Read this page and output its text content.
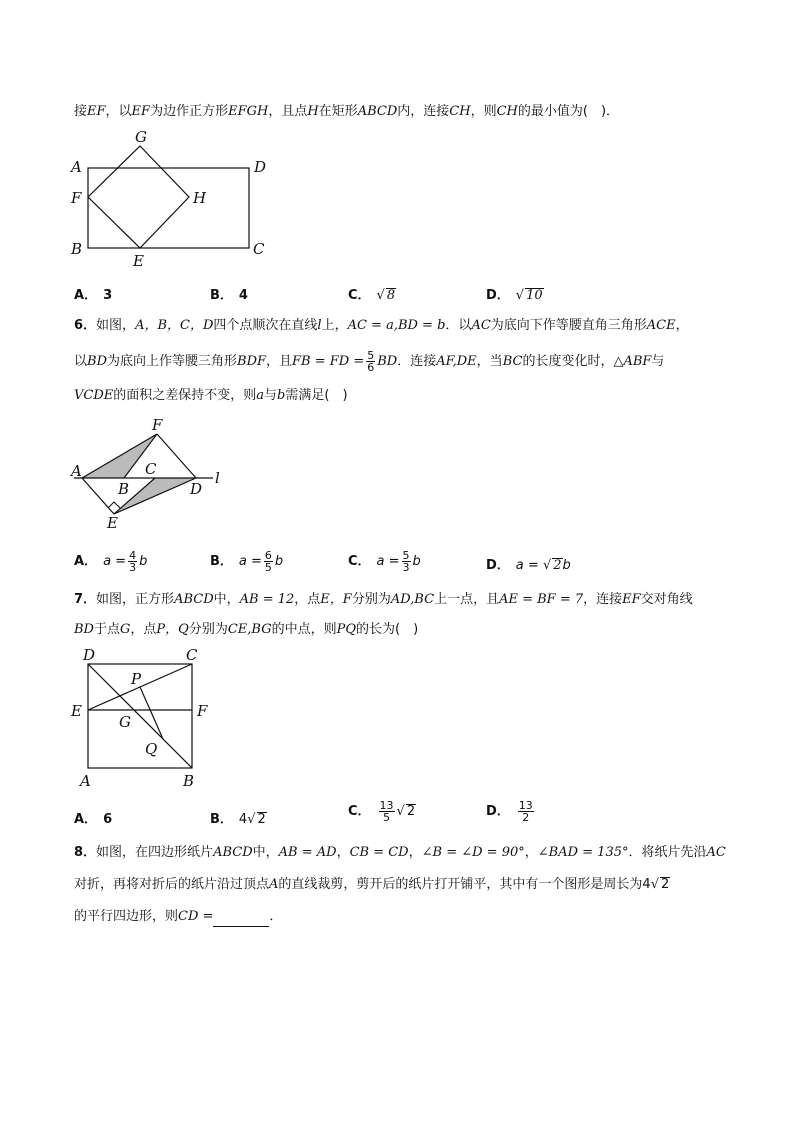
接EF，以EF为边作正方形EFGH，且点H在矩形ABCD内，连接CH，则CH的最小值为(　)．
G
A	D
F	H
B	C
E
A． 3	B． 4	C． √ 8	D． √ 10
6．如图，A，B，C，D四个点顺次在直线l上，AC = a,BD = b．以AC为底向下作等腰直角三角形ACE，
以BD为底向上作等腰三角形BDF，且FB = FD = $\frac{5}{6}$ BD．连接AF,DE，当BC的长度变化时，△ABF与
VCDE的面积之差保持不变，则a与b需满足(　)
F
A	C
B	D
l
E
A． $a = \frac{4}{3}$ b	B． $a = \frac{6}{5}$ b	C． $a = \frac{5}{3}$ b	D． a = √ 2b
7．如图，正方形ABCD中，AB = 12，点E，F分别为AD,BC上一点，且AE = BF = 7，连接EF交对角线
BD于点G，点P，Q分别为CE,BG的中点，则PQ的长为(　)
D	C
P
E	F
G
Q
A	B
A． 6	B． 4√ 2
C． $\frac{13}{5}$ √ 2	D． $\frac{13}{2}$
8．如图，在四边形纸片ABCD中，AB = AD，CB = CD，∠B = ∠D = 90°，∠BAD = 135°．将纸片先沿AC
对折，再将对折后的纸片沿过顶点A的直线裁剪，剪开后的纸片打开铺平，其中有一个图形是周长为4√ 2
的平行四边形，则CD =	．
